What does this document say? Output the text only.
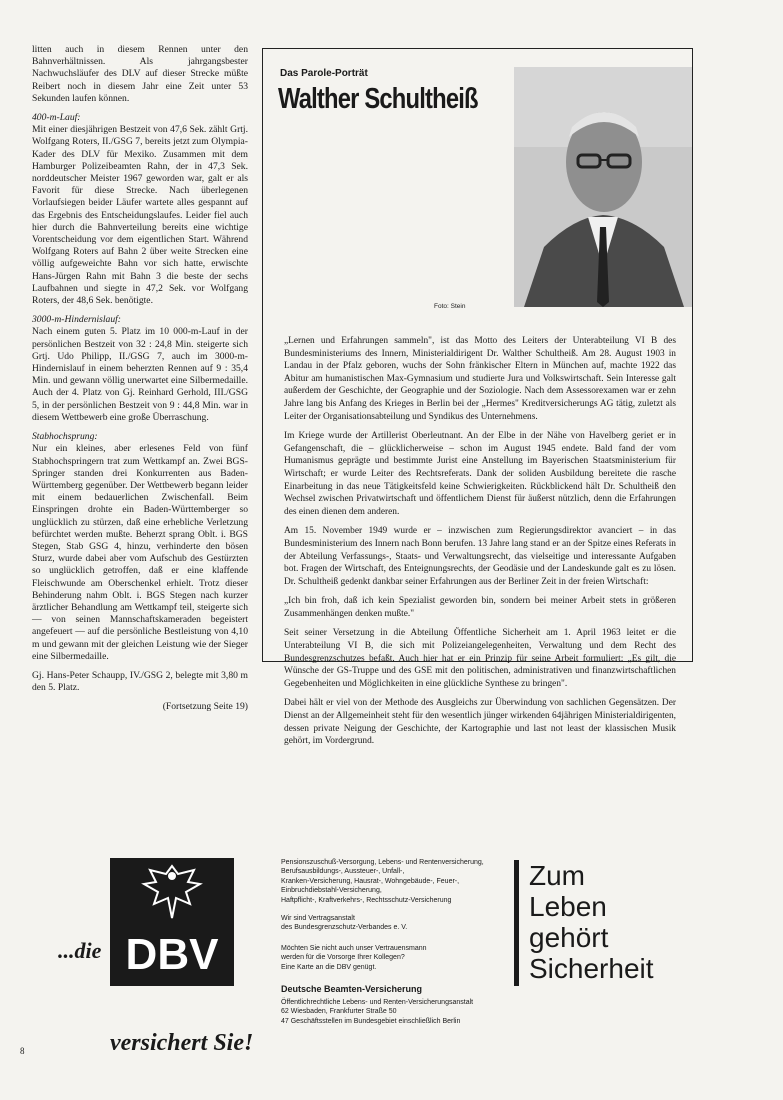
litten auch in diesem Rennen unter den Bahnverhältnissen. Als jahrgangsbester Nachwuchsläufer des DLV auf dieser Strecke müßte Reibert noch in diesem Jahr eine Zeit unter 53 Sekunden laufen können.

400-m-Lauf:

Mit einer diesjährigen Bestzeit von 47,6 Sek. zählt Grtj. Wolfgang Roters, II./GSG 7, bereits jetzt zum Olympia-Kader des DLV für Mexiko. Zusammen mit dem Hamburger Polizeibeamten Rahn, der in 47,3 Sek. norddeutscher Meister 1967 geworden war, galt er als Favorit für diese Strecke. Nach überlegenen Vorlaufsiegen beider Läufer wartete alles gespannt auf das Ergebnis des Entscheidungslaufes. Leider fiel auch hier durch die Bahnverteilung bereits eine wichtige Vorentscheidung vor dem eigentlichen Start. Während Wolfgang Roters auf Bahn 2 über weite Strecken eine völlig aufgeweichte Bahn vor sich hatte, erwischte Hans-Jürgen Rahn mit Bahn 3 die beste der sechs Laufbahnen und siegte in 47,2 Sek. vor Wolfgang Roters, der 48,6 Sek. benötigte.

3000-m-Hindernislauf:

Nach einem guten 5. Platz im 10 000-m-Lauf in der persönlichen Bestzeit von 32 : 24,8 Min. steigerte sich Grtj. Udo Philipp, II./GSG 7, auch im 3000-m-Hindernislauf in einem beherzten Rennen auf 9 : 35,4 Min. und gewann völlig unerwartet eine Silbermedaille. Auch der 4. Platz von Gj. Reinhard Gerhold, III./GSG 5, in der persönlichen Bestzeit von 9 : 44,8 Min. war in diesem Wettbewerb eine große Überraschung.

Stabhochsprung:

Nur ein kleines, aber erlesenes Feld von fünf Stabhochspringern trat zum Wettkampf an. Zwei BGS-Springer standen drei Konkurrenten aus Baden-Württemberg gegenüber. Der Wettbewerb begann leider mit einem bedauerlichen Zwischenfall. Beim Einspringen drohte ein Baden-Württemberger so unglücklich zu stürzen, daß eine erhebliche Verletzung befürchtet werden mußte. Beherzt sprang Oblt. i. BGS Stegen, Stab GSG 4, hinzu, verhinderte den bösen Sturz, wurde dabei aber vom Aufschub des Gestürzten so unglücklich getroffen, daß er eine klaffende Fleischwunde am Oberschenkel erhielt. Trotz dieser Behinderung nahm Oblt. i. BGS Stegen nach kurzer ärztlicher Behandlung am Wettkampf teil, steigerte sich — von seinen Mannschaftskameraden begeistert angefeuert — auf die persönliche Bestleistung von 4,10 m und gewann mit der gleichen Leistung wie der Sieger eine Silbermedaille.

Gj. Hans-Peter Schaupp, IV./GSG 2, belegte mit 3,80 m den 5. Platz.

(Fortsetzung Seite 19)

Das Parole-Porträt
Walther Schultheiß
Foto: Stein

„Lernen und Erfahrungen sammeln", ist das Motto des Leiters der Unterabteilung VI B des Bundesministeriums des Innern, Ministerialdirigent Dr. Walther Schultheiß. Am 28. August 1903 in Landau in der Pfalz geboren, wuchs der Sohn fränkischer Eltern in München auf, machte 1922 das Abitur am humanistischen Max-Gymnasium und studierte Jura und Volkswirtschaft. Sein Interesse galt außerdem der Geschichte, der Geographie und der Soziologie. Nach dem Assessorexamen war er zehn Jahre lang bis Anfang des Krieges in Berlin bei der „Hermes" Kreditversicherungs AG tätig, zuletzt als Leiter der Organisationsabteilung und Syndikus des Unternehmens.

Im Kriege wurde der Artillerist Oberleutnant. An der Elbe in der Nähe von Havelberg geriet er in Gefangenschaft, die – glücklicherweise – schon im August 1945 endete. Bald fand der vom Humanismus geprägte und bestimmte Jurist eine Anstellung im Bayerischen Staatsministerium für Wirtschaft; er wurde Leiter des Rechtsreferats. Dank der soliden Ausbildung bereitete die rasche Einarbeitung in das neue Tätigkeitsfeld keine Schwierigkeiten. Rückblickend hält Dr. Schultheiß den Wechsel zwischen Privatwirtschaft und öffentlichem Dienst für äußerst nützlich, denn die Erfahrungen des einen dienen dem anderen.

Am 15. November 1949 wurde er – inzwischen zum Regierungsdirektor avanciert – in das Bundesministerium des Innern nach Bonn berufen. 13 Jahre lang stand er an der Spitze eines Referats in der Abteilung Verfassungs-, Staats- und Verwaltungsrecht, das vielseitige und interessante Aufgaben bot. Fragen der Wirtschaft, des Enteignungsrechts, der Geodäsie und der Landeskunde galt es zu lösen. Dr. Schultheiß gedenkt dankbar seiner Erfahrungen aus der Berliner Zeit in der freien Wirtschaft:

„Ich bin froh, daß ich kein Spezialist geworden bin, sondern bei meiner Arbeit stets in größeren Zusammenhängen denken mußte."

Seit seiner Versetzung in die Abteilung Öffentliche Sicherheit am 1. April 1963 leitet er die Unterabteilung VI B, die sich mit Polizeiangelegenheiten, Verwaltung und dem Recht des Bundesgrenzschutzes befaßt. Auch hier hat er ein Prinzip für seine Arbeit formuliert: „Es gilt, die Wünsche der GS-Truppe und des GSE mit den politischen, administrativen und finanzwirtschaftlichen Gegebenheiten und Möglichkeiten in eine glückliche Synthese zu bringen".

Dabei hält er viel von der Methode des Ausgleichs zur Überwindung von sachlichen Gegensätzen. Der Dienst an der Allgemeinheit steht für den wesentlich jünger wirkenden 64jährigen Ministerialdirigenten, dessen private Neigung der Geschichte, der Kartographie und last not least der klassischen Musik gehört, im Vordergrund.

...die DBV
versichert Sie!
Pensionszuschuß-Versorgung, Lebens- und Rentenversicherung,
Berufsausbildungs-, Aussteuer-, Unfall-,
Kranken-Versicherung, Hausrat-, Wohngebäude-, Feuer-,
Einbruchdiebstahl-Versicherung,
Haftpflicht-, Kraftverkehrs-, Rechtsschutz-Versicherung
Wir sind Vertragsanstalt
des Bundesgrenzschutz-Verbandes e. V.
Möchten Sie nicht auch unser Vertrauensmann
werden für die Vorsorge Ihrer Kollegen?
Eine Karte an die DBV genügt.
Deutsche Beamten-Versicherung
Öffentlichrechtliche Lebens- und Renten-Versicherungsanstalt
62 Wiesbaden, Frankfurter Straße 50
47 Geschäftsstellen im Bundesgebiet einschließlich Berlin
Zum
Leben
gehört
Sicherheit
8
